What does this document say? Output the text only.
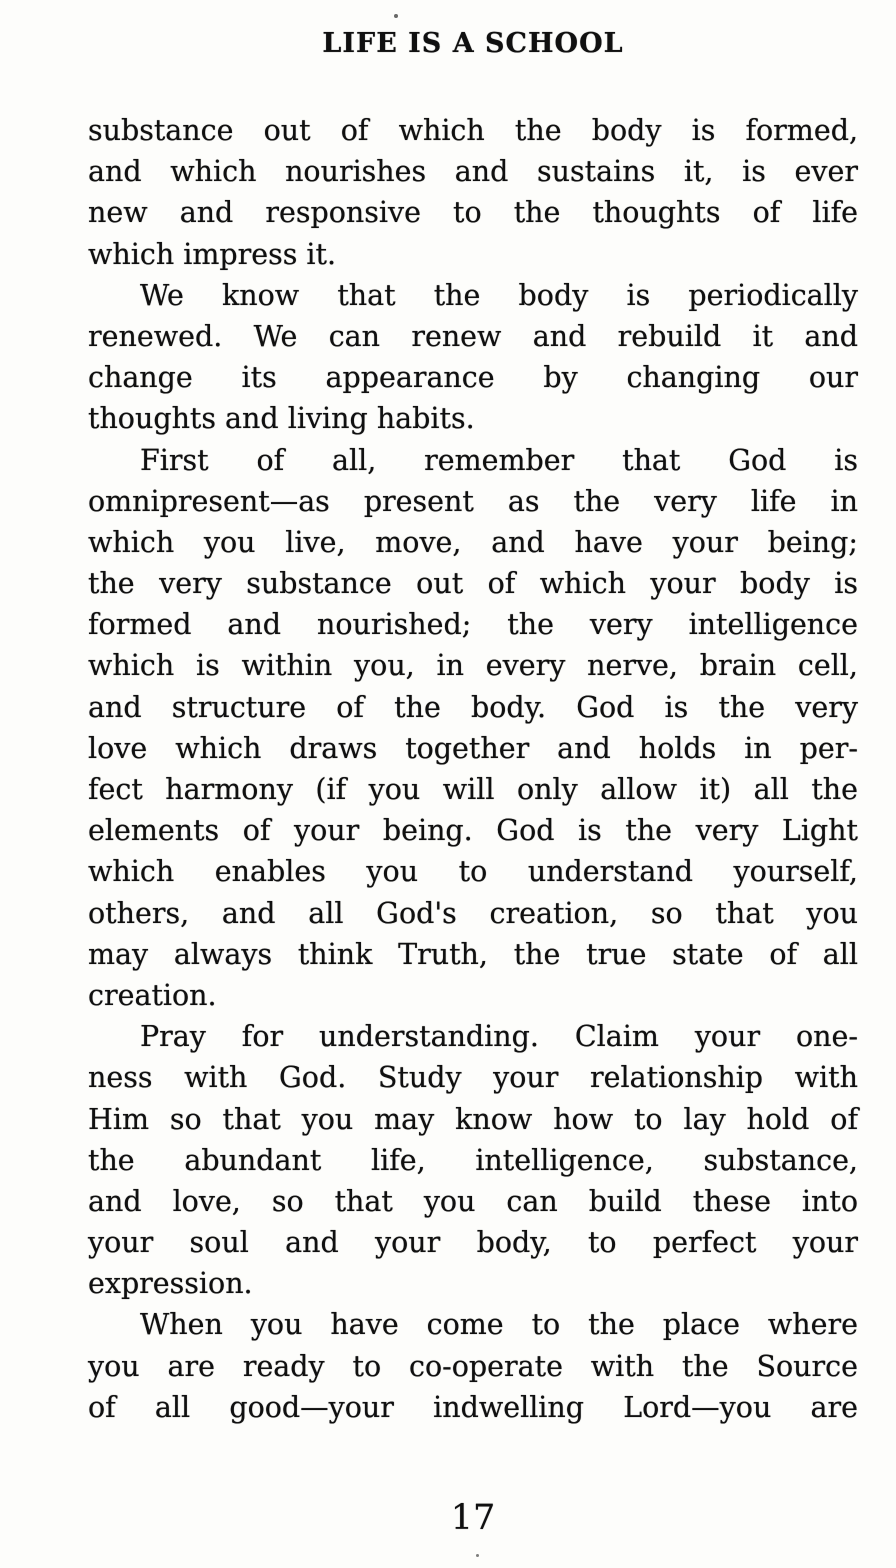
LIFE IS A SCHOOL
substance out of which the body is formed,
and which nourishes and sustains it, is ever
new and responsive to the thoughts of life
which impress it.
We know that the body is periodically
renewed. We can renew and rebuild it and
change its appearance by changing our
thoughts and living habits.
First of all, remember that God is
omnipresent—as present as the very life in
which you live, move, and have your being;
the very substance out of which your body is
formed and nourished; the very intelligence
which is within you, in every nerve, brain cell,
and structure of the body. God is the very
love which draws together and holds in per-
fect harmony (if you will only allow it) all the
elements of your being. God is the very Light
which enables you to understand yourself,
others, and all God's creation, so that you
may always think Truth, the true state of all
creation.
Pray for understanding. Claim your one-
ness with God. Study your relationship with
Him so that you may know how to lay hold of
the abundant life, intelligence, substance,
and love, so that you can build these into
your soul and your body, to perfect your
expression.
When you have come to the place where
you are ready to co-operate with the Source
of all good—your indwelling Lord—you are
17
